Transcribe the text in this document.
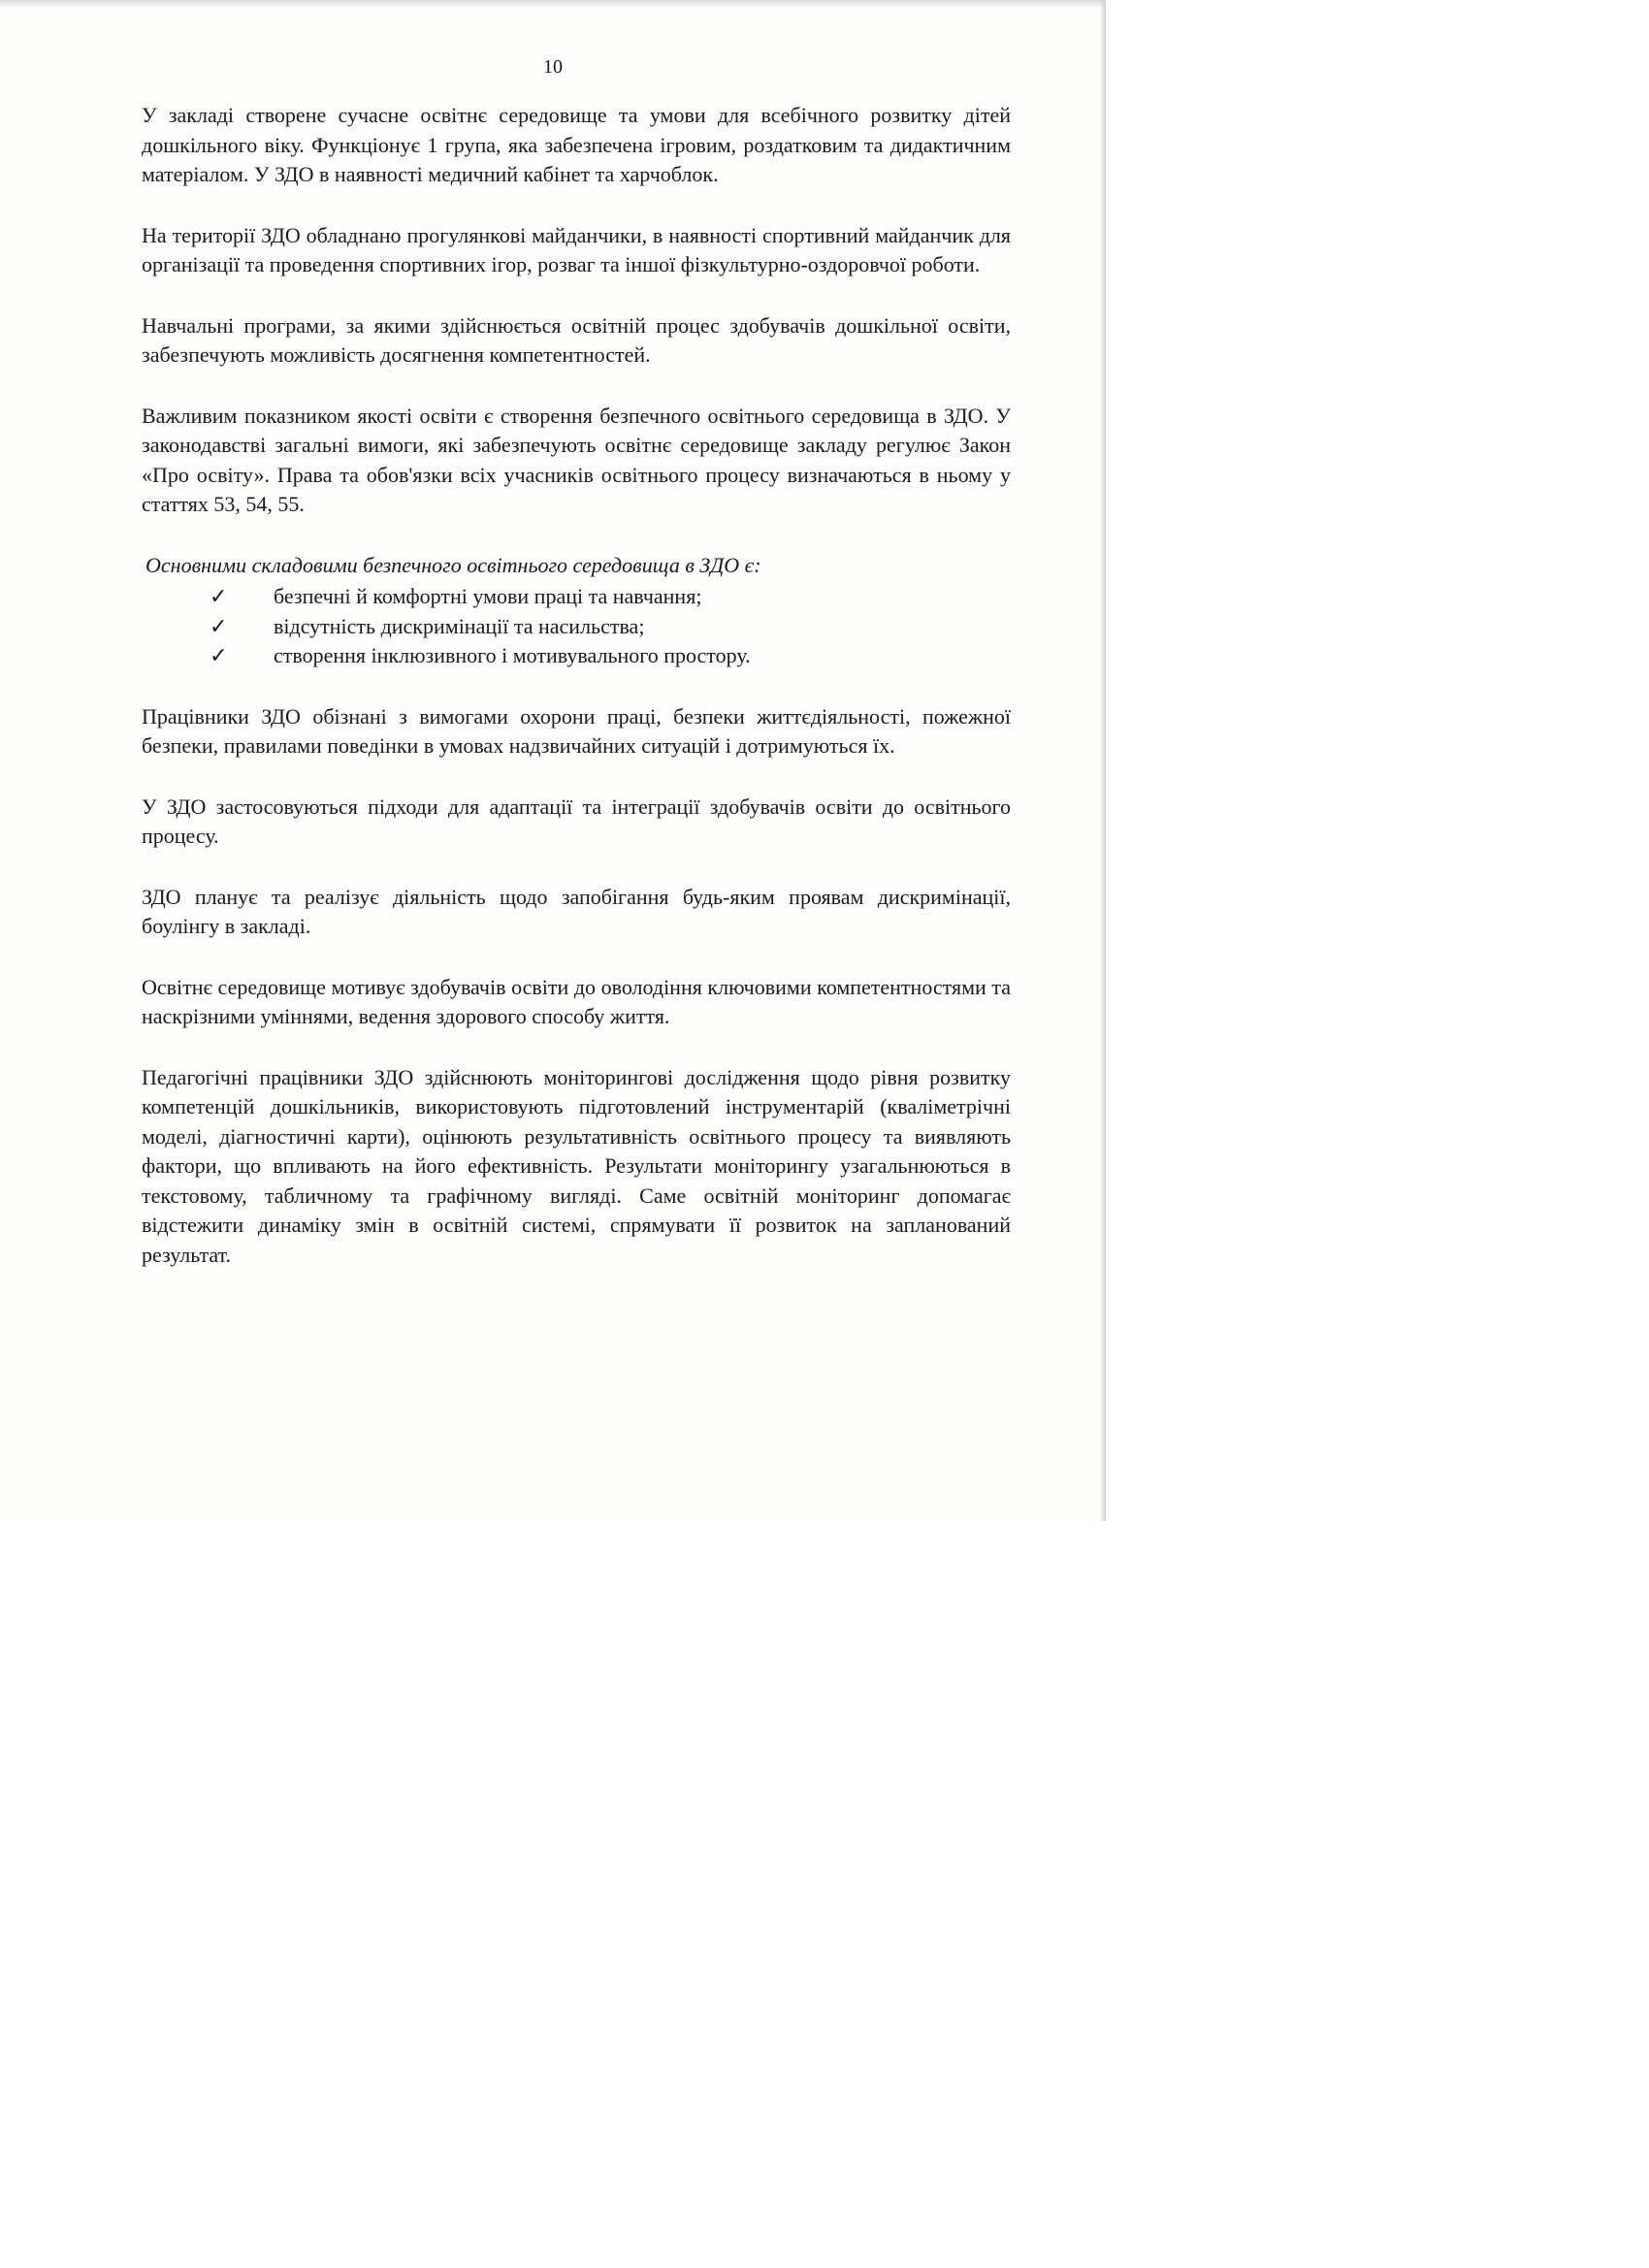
10

У закладі створене сучасне освітнє середовище та умови для всебічного розвитку дітей дошкільного віку. Функціонує 1 група, яка забезпечена ігровим, роздатковим та дидактичним матеріалом. У ЗДО в наявності медичний кабінет та харчоблок.

На території ЗДО обладнано прогулянкові майданчики, в наявності спортивний майданчик для організації та проведення спортивних ігор, розваг та іншої фізкультурно-оздоровчої роботи.

Навчальні програми, за якими здійснюється освітній процес здобувачів дошкільної освіти, забезпечують можливість досягнення компетентностей.

Важливим показником якості освіти є створення безпечного освітнього середовища в ЗДО. У законодавстві загальні вимоги, які забезпечують освітнє середовище закладу регулює Закон «Про освіту». Права та обов'язки всіх учасників освітнього процесу визначаються в ньому у статтях 53, 54, 55.

Основними складовими безпечного освітнього середовища в ЗДО є:

✓	безпечні й комфортні умови праці та навчання;
✓	відсутність дискримінації та насильства;
✓	створення інклюзивного і мотивувального простору.

Працівники ЗДО обізнані з вимогами охорони праці, безпеки життєдіяльності, пожежної безпеки, правилами поведінки в умовах надзвичайних ситуацій і дотримуються їх.

У ЗДО застосовуються підходи для адаптації та інтеграції здобувачів освіти до освітнього процесу.

ЗДО планує та реалізує діяльність щодо запобігання будь-яким проявам дискримінації, боулінгу в закладі.

Освітнє середовище мотивує здобувачів освіти до оволодіння ключовими компетентностями та наскрізними уміннями, ведення здорового способу життя.

Педагогічні працівники ЗДО здійснюють моніторингові дослідження щодо рівня розвитку компетенцій дошкільників, використовують підготовлений інструментарій (кваліметрічні моделі, діагностичні карти), оцінюють результативність освітнього процесу та виявляють фактори, що впливають на його ефективність. Результати моніторингу узагальнюються в текстовому, табличному та графічному вигляді. Саме освітній моніторинг допомагає відстежити динаміку змін в освітній системі, спрямувати її розвиток на запланований результат.
